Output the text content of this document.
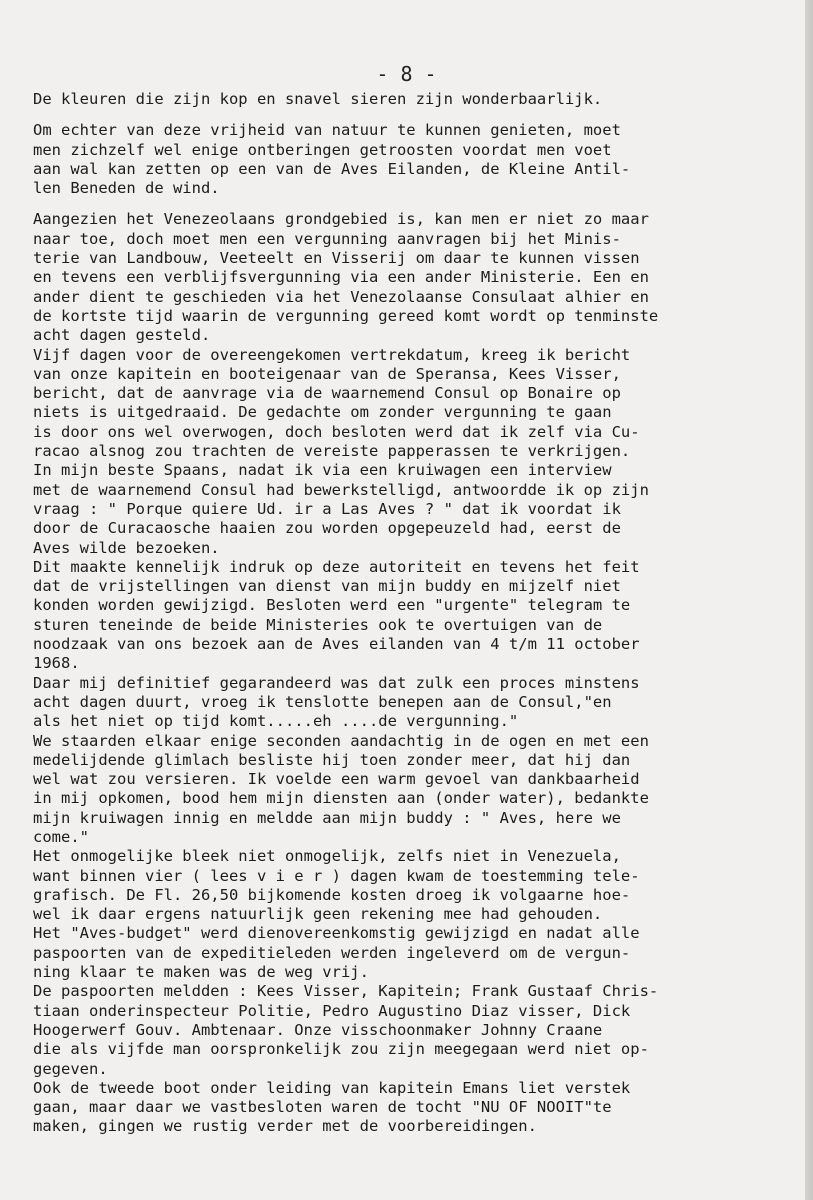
- 8 -
De kleuren die zijn kop en snavel sieren zijn wonderbaarlijk.
Om echter van deze vrijheid van natuur te kunnen genieten, moet
men zichzelf wel enige ontberingen getroosten voordat men voet
aan wal kan zetten op een van de Aves Eilanden, de Kleine Antil-
len Beneden de wind.
Aangezien het Venezeolaans grondgebied is, kan men er niet zo maar
naar toe, doch moet men een vergunning aanvragen bij het Minis-
terie van Landbouw, Veeteelt en Visserij om daar te kunnen vissen
en tevens een verblijfsvergunning via een ander Ministerie. Een en
ander dient te geschieden via het Venezolaanse Consulaat alhier en
de kortste tijd waarin de vergunning gereed komt wordt op tenminste
acht dagen gesteld.
Vijf dagen voor de overeengekomen vertrekdatum, kreeg ik bericht
van onze kapitein en booteigenaar van de Speransa, Kees Visser,
bericht, dat de aanvrage via de waarnemend Consul op Bonaire op
niets is uitgedraaid. De gedachte om zonder vergunning te gaan
is door ons wel overwogen, doch besloten werd dat ik zelf via Cu-
racao alsnog zou trachten de vereiste papperassen te verkrijgen.
In mijn beste Spaans, nadat ik via een kruiwagen een interview
met de waarnemend Consul had bewerkstelligd, antwoordde ik op zijn
vraag : " Porque quiere Ud. ir a Las Aves ? " dat ik voordat ik
door de Curacaosche haaien zou worden opgepeuzeld had, eerst de
Aves wilde bezoeken.
Dit maakte kennelijk indruk op deze autoriteit en tevens het feit
dat de vrijstellingen van dienst van mijn buddy en mijzelf niet
konden worden gewijzigd. Besloten werd een "urgente" telegram te
sturen teneinde de beide Ministeries ook te overtuigen van de
noodzaak van ons bezoek aan de Aves eilanden van 4 t/m 11 october
1968.
Daar mij definitief gegarandeerd was dat zulk een proces minstens
acht dagen duurt, vroeg ik tenslotte benepen aan de Consul,"en
als het niet op tijd komt.....eh ....de vergunning."
We staarden elkaar enige seconden aandachtig in de ogen en met een
medelijdende glimlach besliste hij toen zonder meer, dat hij dan
wel wat zou versieren. Ik voelde een warm gevoel van dankbaarheid
in mij opkomen, bood hem mijn diensten aan (onder water), bedankte
mijn kruiwagen innig en meldde aan mijn buddy : " Aves, here we
come."
Het onmogelijke bleek niet onmogelijk, zelfs niet in Venezuela,
want binnen vier ( lees v i e r ) dagen kwam de toestemming tele-
grafisch. De Fl. 26,50 bijkomende kosten droeg ik volgaarne hoe-
wel ik daar ergens natuurlijk geen rekening mee had gehouden.
Het "Aves-budget" werd dienovereenkomstig gewijzigd en nadat alle
paspoorten van de expeditieleden werden ingeleverd om de vergun-
ning klaar te maken was de weg vrij.
De paspoorten meldden : Kees Visser, Kapitein; Frank Gustaaf Chris-
tiaan onderinspecteur Politie, Pedro Augustino Diaz visser, Dick
Hoogerwerf Gouv. Ambtenaar. Onze visschoonmaker Johnny Craane
die als vijfde man oorspronkelijk zou zijn meegegaan werd niet op-
gegeven.
Ook de tweede boot onder leiding van kapitein Emans liet verstek
gaan, maar daar we vastbesloten waren de tocht "NU OF NOOIT"te
maken, gingen we rustig verder met de voorbereidingen.
